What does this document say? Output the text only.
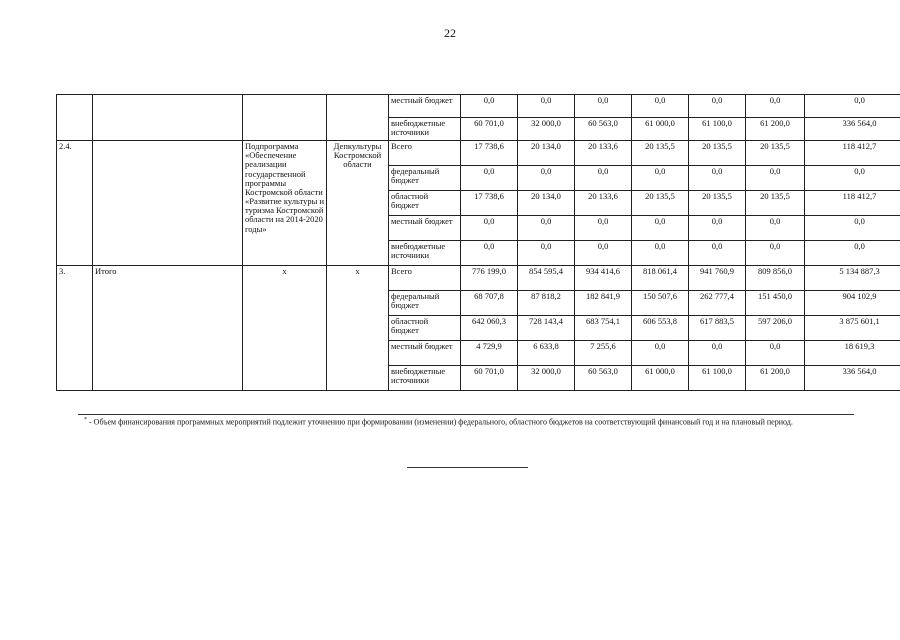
22
				местный бюджет	0,0	0,0	0,0	0,0	0,0	0,0	0,0
				внебюджетные источники	60 701,0	32 000,0	60 563,0	61 000,0	61 100,0	61 200,0	336 564,0
2.4.		Подпрограмма «Обеспечение реализации государственной программы Костромской области «Развитие культуры и туризма Костромской области на 2014-2020 годы»	Депкультуры Костромской области	Всего	17 738,6	20 134,0	20 133,6	20 135,5	20 135,5	20 135,5	118 412,7
				федеральный бюджет	0,0	0,0	0,0	0,0	0,0	0,0	0,0
				областной бюджет	17 738,6	20 134,0	20 133,6	20 135,5	20 135,5	20 135,5	118 412,7
				местный бюджет	0,0	0,0	0,0	0,0	0,0	0,0	0,0
				внебюджетные источники	0,0	0,0	0,0	0,0	0,0	0,0	0,0
3.	Итого	х	х	Всего	776 199,0	854 595,4	934 414,6	818 061,4	941 760,9	809 856,0	5 134 887,3
				федеральный бюджет	68 707,8	87 818,2	182 841,9	150 507,6	262 777,4	151 450,0	904 102,9
				областной бюджет	642 060,3	728 143,4	683 754,1	606 553,8	617 883,5	597 206,0	3 875 601,1
				местный бюджет	4 729,9	6 633,8	7 255,6	0,0	0,0	0,0	18 619,3
				внебюджетные источники	60 701,0	32 000,0	60 563,0	61 000,0	61 100,0	61 200,0	336 564,0
* - Объем финансирования программных мероприятий подлежит уточнению при формировании (изменении) федерального, областного бюджетов на соответствующий финансовый год и на плановый период.
